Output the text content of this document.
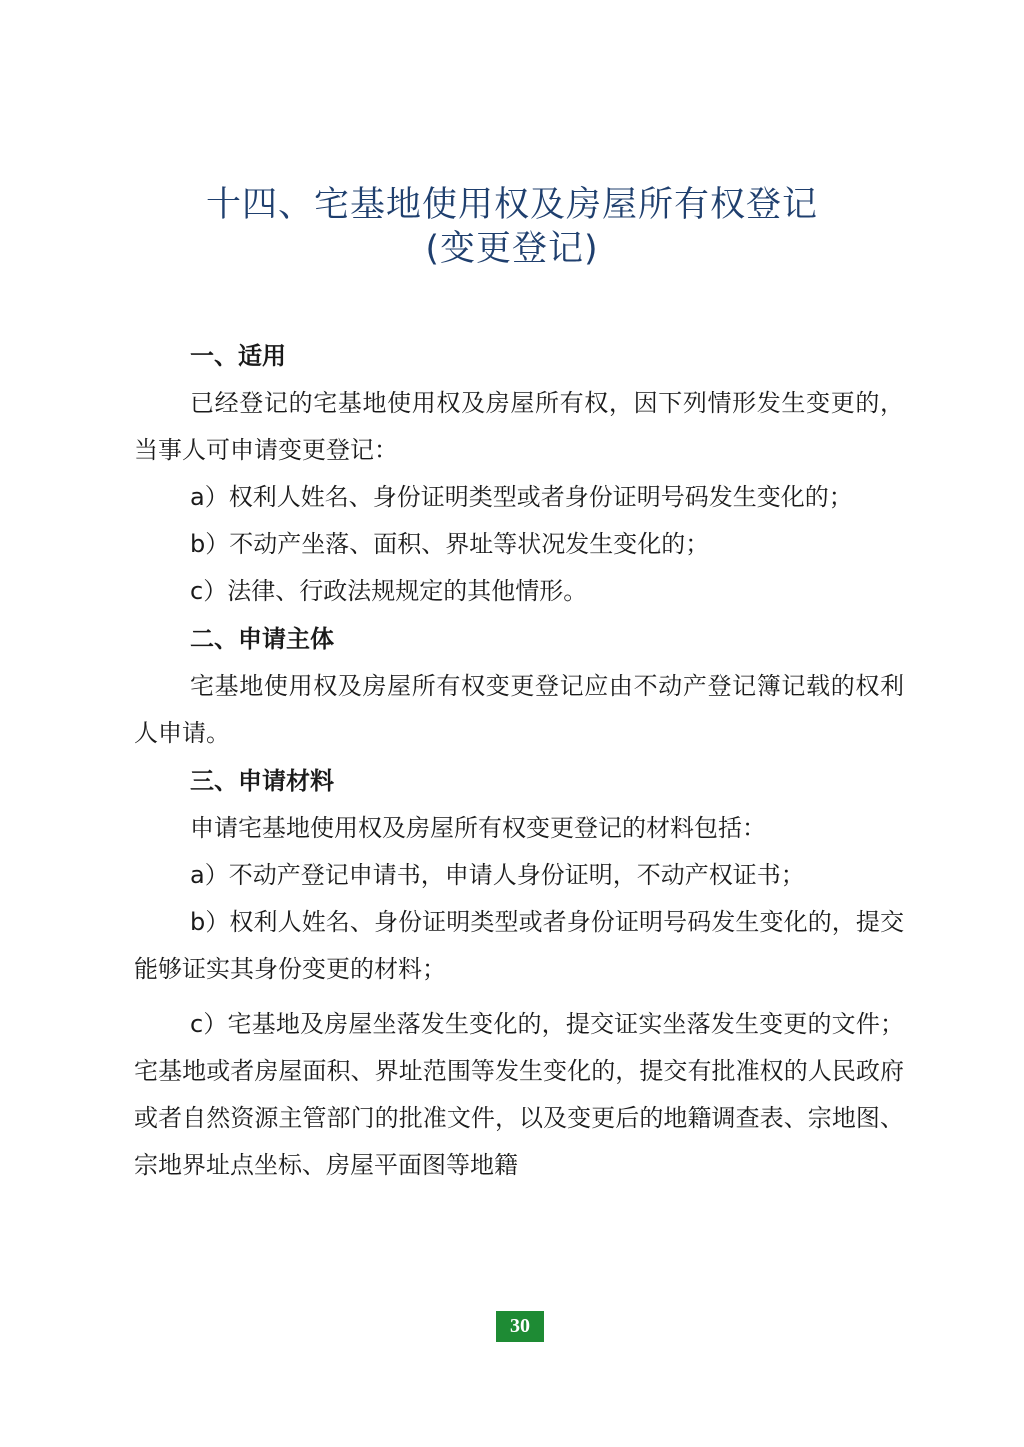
十四、宅基地使用权及房屋所有权登记
(变更登记)
一、适用

已经登记的宅基地使用权及房屋所有权，因下列情形发生变更的，当事人可申请变更登记：

a）权利人姓名、身份证明类型或者身份证明号码发生变化的；

b）不动产坐落、面积、界址等状况发生变化的；

c）法律、行政法规规定的其他情形。

二、申请主体

宅基地使用权及房屋所有权变更登记应由不动产登记簿记载的权利人申请。

三、申请材料

申请宅基地使用权及房屋所有权变更登记的材料包括：

a）不动产登记申请书，申请人身份证明，不动产权证书；

b）权利人姓名、身份证明类型或者身份证明号码发生变化的，提交能够证实其身份变更的材料；

c）宅基地及房屋坐落发生变化的，提交证实坐落发生变更的文件；宅基地或者房屋面积、界址范围等发生变化的，提交有批准权的人民政府或者自然资源主管部门的批准文件，以及变更后的地籍调查表、宗地图、宗地界址点坐标、房屋平面图等地籍

30
